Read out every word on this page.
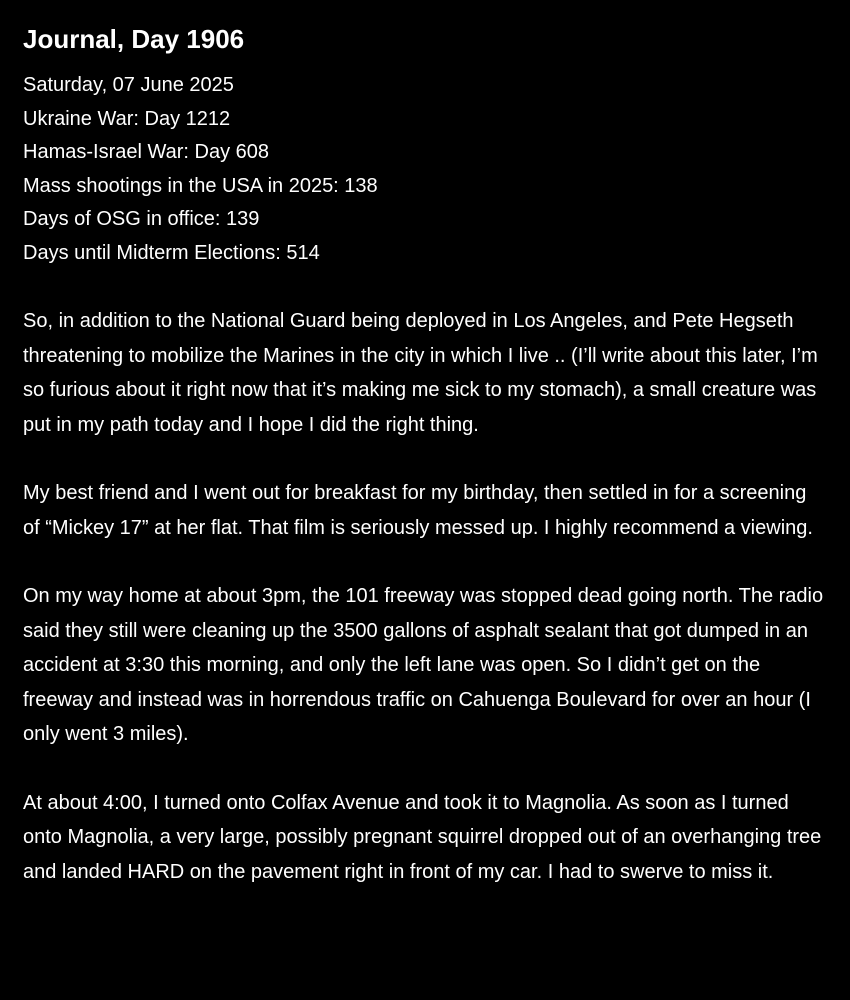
Journal, Day 1906
Saturday, 07 June 2025
Ukraine War: Day 1212
Hamas-Israel War: Day 608
Mass shootings in the USA in 2025: 138
Days of OSG in office: 139
Days until Midterm Elections: 514

So, in addition to the National Guard being deployed in Los Angeles, and Pete Hegseth threatening to mobilize the Marines in the city in which I live .. (I’ll write about this later, I’m so furious about it right now that it’s making me sick to my stomach), a small creature was put in my path today and I hope I did the right thing.

My best friend and I went out for breakfast for my birthday, then settled in for a screening of “Mickey 17” at her flat. That film is seriously messed up. I highly recommend a viewing.

On my way home at about 3pm, the 101 freeway was stopped dead going north. The radio said they still were cleaning up the 3500 gallons of asphalt sealant that got dumped in an accident at 3:30 this morning, and only the left lane was open. So I didn’t get on the freeway and instead was in horrendous traffic on Cahuenga Boulevard for over an hour (I only went 3 miles).

At about 4:00, I turned onto Colfax Avenue and took it to Magnolia. As soon as I turned onto Magnolia, a very large, possibly pregnant squirrel dropped out of an overhanging tree and landed HARD on the pavement right in front of my car. I had to swerve to miss it.
